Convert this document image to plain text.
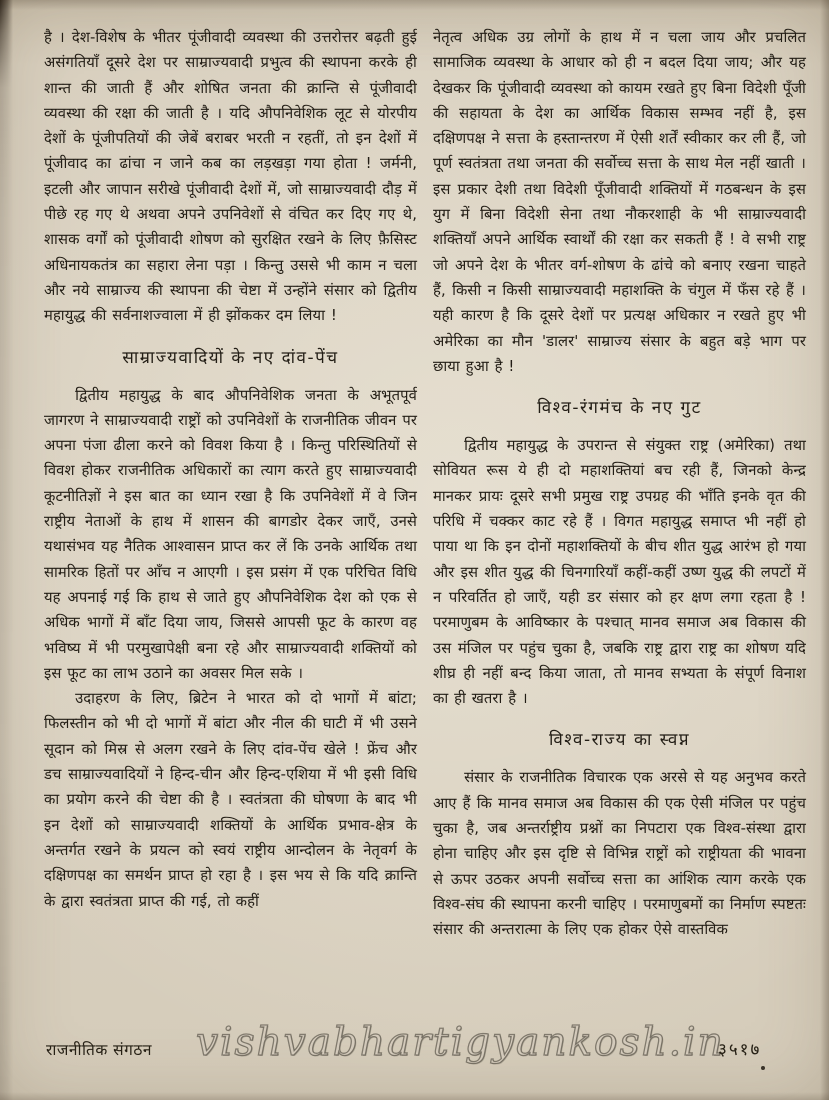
है । देश-विशेष के भीतर पूंजीवादी व्यवस्था की उत्तरोत्तर बढ़ती हुई असंगतियाँ दूसरे देश पर साम्राज्यवादी प्रभुत्व की स्थापना करके ही शान्त की जाती हैं और शोषित जनता की क्रान्ति से पूंजीवादी व्यवस्था की रक्षा की जाती है । यदि औपनिवेशिक लूट से योरपीय देशों के पूंजीपतियों की जेबें बराबर भरती न रहतीं, तो इन देशों में पूंजीवाद का ढांचा न जाने कब का लड़खड़ा गया होता ! जर्मनी, इटली और जापान सरीखे पूंजीवादी देशों में, जो साम्राज्यवादी दौड़ में पीछे रह गए थे अथवा अपने उपनिवेशों से वंचित कर दिए गए थे, शासक वर्गों को पूंजीवादी शोषण को सुरक्षित रखने के लिए फ़ैसिस्ट अधिनायकतंत्र का सहारा लेना पड़ा । किन्तु उससे भी काम न चला और नये साम्राज्य की स्थापना की चेष्टा में उन्होंने संसार को द्वितीय महायुद्ध की सर्वनाशज्वाला में ही झोंककर दम लिया !

साम्राज्यवादियों के नए दांव-पेंच

द्वितीय महायुद्ध के बाद औपनिवेशिक जनता के अभूतपूर्व जागरण ने साम्राज्यवादी राष्ट्रों को उपनिवेशों के राजनीतिक जीवन पर अपना पंजा ढीला करने को विवश किया है । किन्तु परिस्थितियों से विवश होकर राजनीतिक अधिकारों का त्याग करते हुए साम्राज्यवादी कूटनीतिज्ञों ने इस बात का ध्यान रखा है कि उपनिवेशों में वे जिन राष्ट्रीय नेताओं के हाथ में शासन की बागडोर देकर जाएँ, उनसे यथासंभव यह नैतिक आश्वासन प्राप्त कर लें कि उनके आर्थिक तथा सामरिक हितों पर आँच न आएगी । इस प्रसंग में एक परिचित विधि यह अपनाई गई कि हाथ से जाते हुए औपनिवेशिक देश को एक से अधिक भागों में बाँट दिया जाय, जिससे आपसी फूट के कारण वह भविष्य में भी परमुखापेक्षी बना रहे और साम्राज्यवादी शक्तियों को इस फूट का लाभ उठाने का अवसर मिल सके ।

उदाहरण के लिए, ब्रिटेन ने भारत को दो भागों में बांटा; फिलस्तीन को भी दो भागों में बांटा और नील की घाटी में भी उसने सूदान को मिस्र से अलग रखने के लिए दांव-पेंच खेले ! फ्रेंच और डच साम्राज्यवादियों ने हिन्द-चीन और हिन्द-एशिया में भी इसी विधि का प्रयोग करने की चेष्टा की है । स्वतंत्रता की घोषणा के बाद भी इन देशों को साम्राज्यवादी शक्तियों के आर्थिक प्रभाव-क्षेत्र के अन्तर्गत रखने के प्रयत्न को स्वयं राष्ट्रीय आन्दोलन के नेतृवर्ग के दक्षिणपक्ष का समर्थन प्राप्त हो रहा है । इस भय से कि यदि क्रान्ति के द्वारा स्वतंत्रता प्राप्त की गई, तो कहीं

नेतृत्व अधिक उग्र लोगों के हाथ में न चला जाय और प्रचलित सामाजिक व्यवस्था के आधार को ही न बदल दिया जाय; और यह देखकर कि पूंजीवादी व्यवस्था को कायम रखते हुए बिना विदेशी पूँजी की सहायता के देश का आर्थिक विकास सम्भव नहीं है, इस दक्षिणपक्ष ने सत्ता के हस्तान्तरण में ऐसी शर्तें स्वीकार कर ली हैं, जो पूर्ण स्वतंत्रता तथा जनता की सर्वोच्च सत्ता के साथ मेल नहीं खाती । इस प्रकार देशी तथा विदेशी पूँजीवादी शक्तियों में गठबन्धन के इस युग में बिना विदेशी सेना तथा नौकरशाही के भी साम्राज्यवादी शक्तियाँ अपने आर्थिक स्वार्थों की रक्षा कर सकती हैं ! वे सभी राष्ट्र जो अपने देश के भीतर वर्ग-शोषण के ढांचे को बनाए रखना चाहते हैं, किसी न किसी साम्राज्यवादी महाशक्ति के चंगुल में फँस रहे हैं । यही कारण है कि दूसरे देशों पर प्रत्यक्ष अधिकार न रखते हुए भी अमेरिका का मौन 'डालर' साम्राज्य संसार के बहुत बड़े भाग पर छाया हुआ है !

विश्व-रंगमंच के नए गुट

द्वितीय महायुद्ध के उपरान्त से संयुक्त राष्ट्र (अमेरिका) तथा सोवियत रूस ये ही दो महाशक्तियां बच रही हैं, जिनको केन्द्र मानकर प्रायः दूसरे सभी प्रमुख राष्ट्र उपग्रह की भाँति इनके वृत की परिधि में चक्कर काट रहे हैं । विगत महायुद्ध समाप्त भी नहीं हो पाया था कि इन दोनों महाशक्तियों के बीच शीत युद्ध आरंभ हो गया और इस शीत युद्ध की चिनगारियाँ कहीं-कहीं उष्ण युद्ध की लपटों में न परिवर्तित हो जाएँ, यही डर संसार को हर क्षण लगा रहता है ! परमाणुबम के आविष्कार के पश्चात्‌ मानव समाज अब विकास की उस मंजिल पर पहुंच चुका है, जबकि राष्ट्र द्वारा राष्ट्र का शोषण यदि शीघ्र ही नहीं बन्द किया जाता, तो मानव सभ्यता के संपूर्ण विनाश का ही खतरा है ।

विश्व-राज्य का स्वप्न

संसार के राजनीतिक विचारक एक अरसे से यह अनुभव करते आए हैं कि मानव समाज अब विकास की एक ऐसी मंजिल पर पहुंच चुका है, जब अन्तर्राष्ट्रीय प्रश्नों का निपटारा एक विश्व-संस्था द्वारा होना चाहिए और इस दृष्टि से विभिन्न राष्ट्रों को राष्ट्रीयता की भावना से ऊपर उठकर अपनी सर्वोच्च सत्ता का आंशिक त्याग करके एक विश्व-संघ की स्थापना करनी चाहिए । परमाणुबमों का निर्माण स्पष्टतः संसार की अन्तरात्मा के लिए एक होकर ऐसे वास्तविक

राजनीतिक संगठन vishvabhartigyankosh.in
३५१७
